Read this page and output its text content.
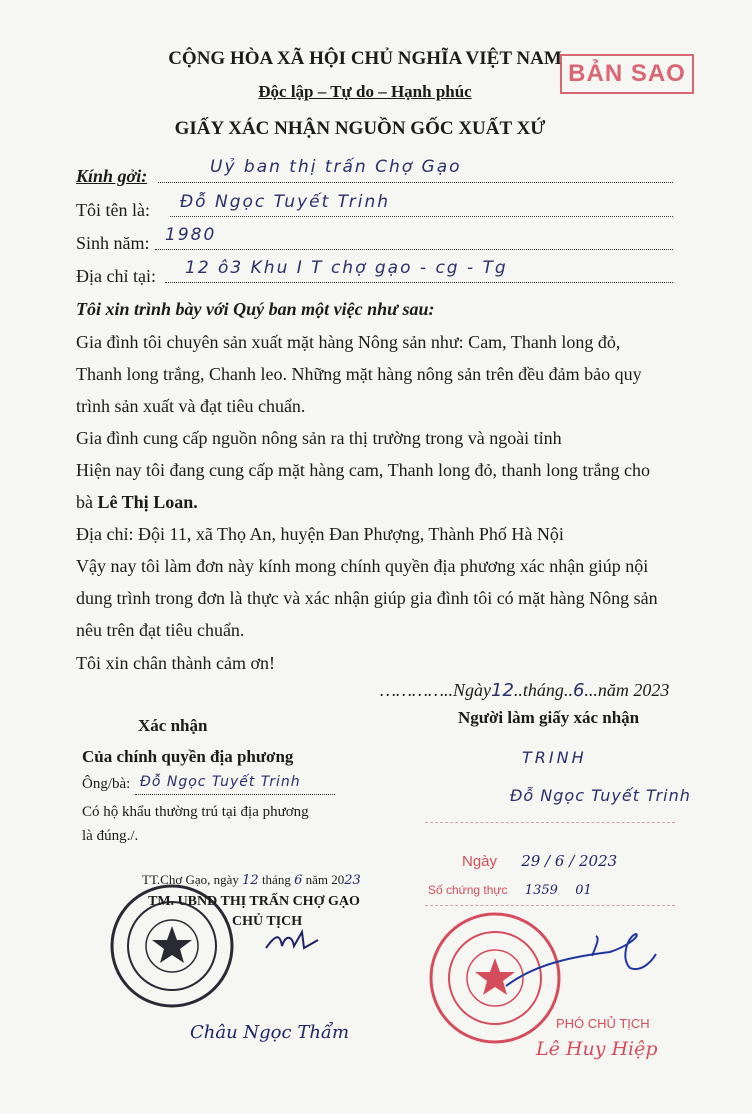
CỘNG HÒA XÃ HỘI CHỦ NGHĨA VIỆT NAM
BẢN SAO
Độc lập – Tự do – Hạnh phúc
GIẤY XÁC NHẬN NGUỒN GỐC XUẤT XỨ
Kính gởi:	Uỷ ban thị trấn Chợ Gạo
Tôi tên là: Đỗ Ngọc Tuyết Trinh
Sinh năm: 1980
Địa chỉ tại: 12 ô3 Khu I T chợ gạo - cg - Tg
Tôi xin trình bày với Quý ban một việc như sau:
Gia đình tôi chuyên sản xuất mặt hàng Nông sản như: Cam, Thanh long đỏ,
Thanh long trắng, Chanh leo. Những mặt hàng nông sản trên đều đảm bảo quy
trình sản xuất và đạt tiêu chuẩn.
Gia đình cung cấp nguồn nông sản ra thị trường trong và ngoài tỉnh
Hiện nay tôi đang cung cấp mặt hàng cam, Thanh long đỏ, thanh long trắng cho
bà Lê Thị Loan.
Địa chỉ: Đội 11, xã Thọ An, huyện Đan Phượng, Thành Phố Hà Nội
Vậy nay tôi làm đơn này kính mong chính quyền địa phương xác nhận giúp nội
dung trình trong đơn là thực và xác nhận giúp gia đình tôi có mặt hàng Nông sản
nêu trên đạt tiêu chuẩn.
Tôi xin chân thành cảm ơn!
…………..Ngày12..tháng..6...năm 2023
Xác nhận
Của chính quyền địa phương
Ông/bà: Đỗ Ngọc Tuyết Trinh
Có hộ khẩu thường trú tại địa phương
là đúng./.
TT.Chợ Gạo, ngày 12 tháng 6 năm 2023
TM. UBND THỊ TRẤN CHỢ GẠO
CHỦ TỊCH
Châu Ngọc Thẩm
Người làm giấy xác nhận
TRINH
Đỗ Ngọc Tuyết Trinh
Ngày 29 / 6 / 2023
Số chứng thực 1359 01
PHÓ CHỦ TỊCH
Lê Huy Hiệp
